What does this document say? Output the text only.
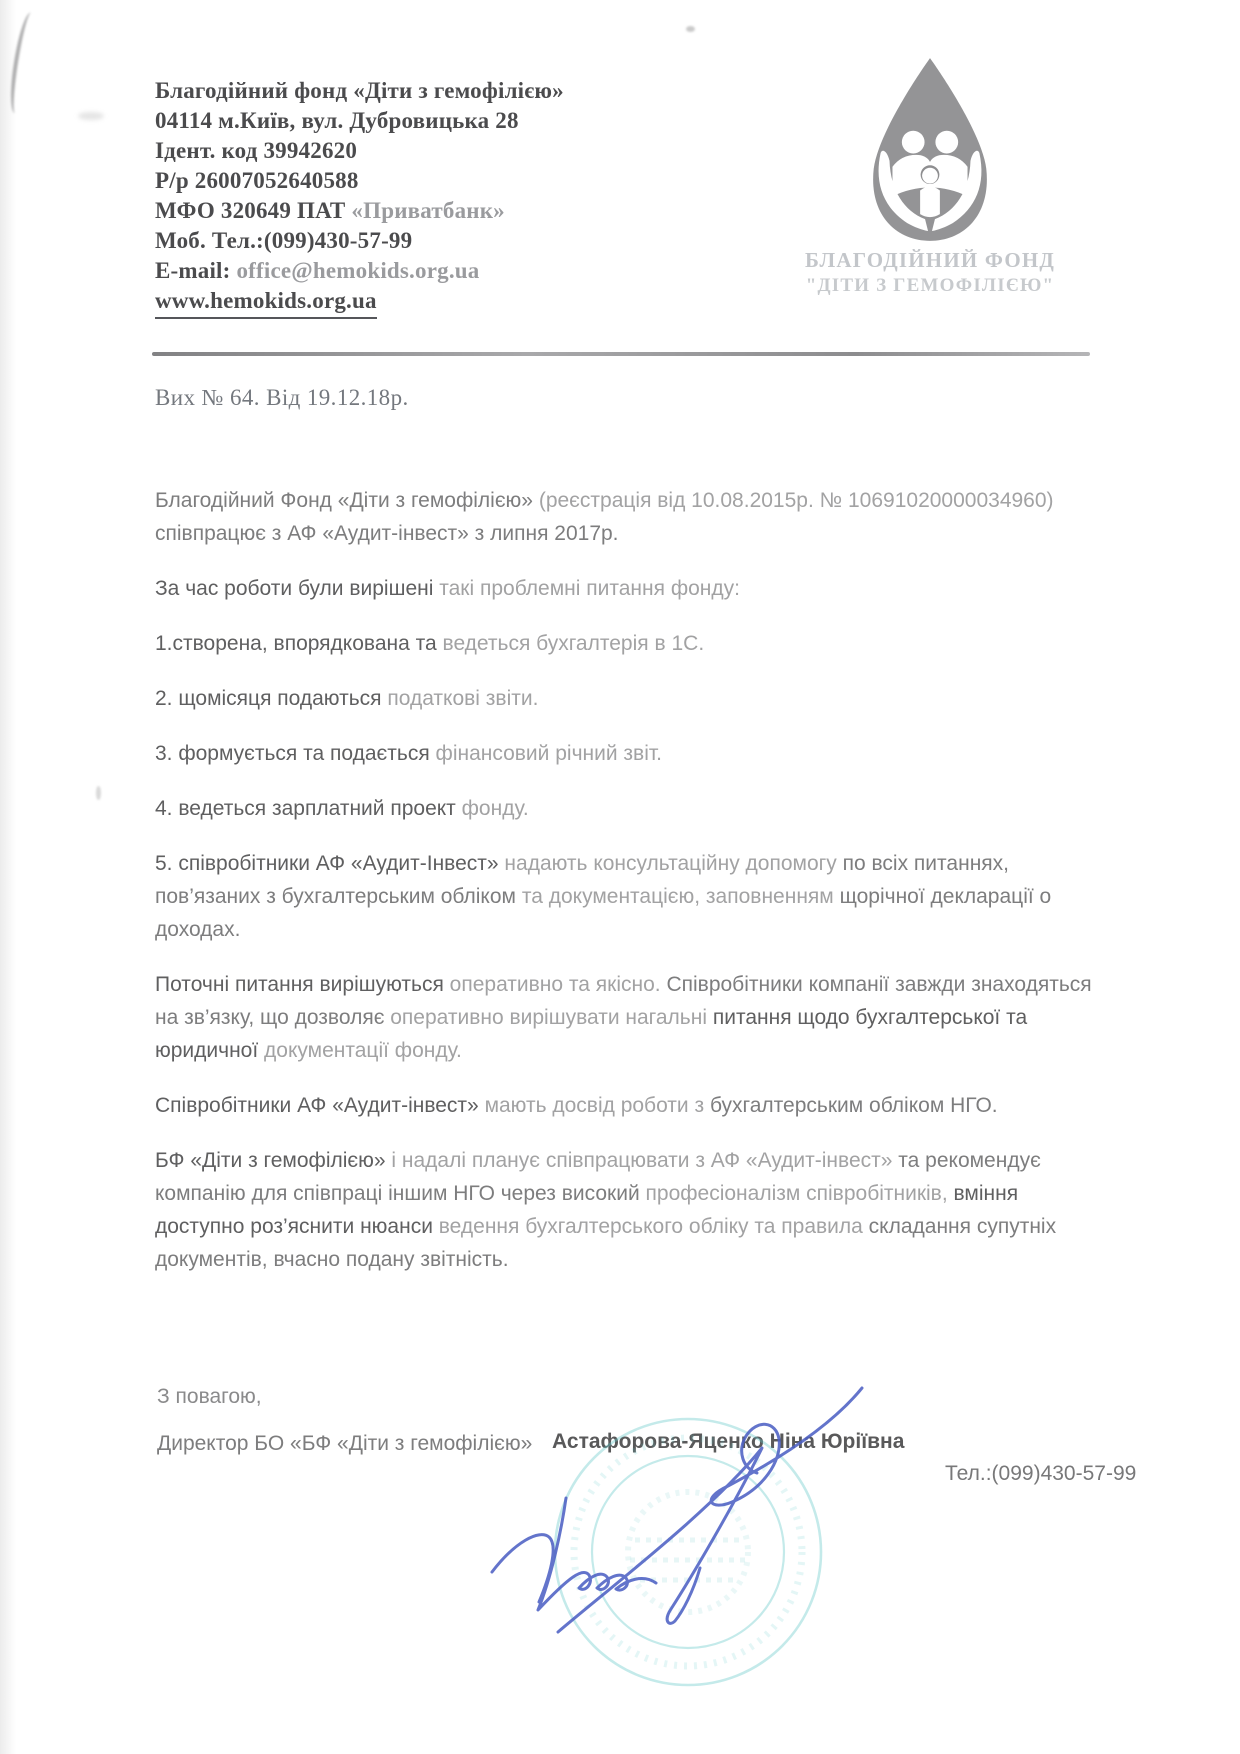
Благодійний фонд «Діти з гемофілією»
04114 м.Київ, вул. Дубровицька 28
Ідент. код 39942620
Р/р 26007052640588
МФО 320649 ПАТ «Приватбанк»
Моб. Тел.:(099)430-57-99
E-mail: office@hemokids.org.ua
www.hemokids.org.ua
БЛАГОДІЙНИЙ ФОНД
"ДІТИ З ГЕМОФІЛІЄЮ"
Вих № 64. Від 19.12.18р.

Благодійний Фонд «Діти з гемофілією» (реєстрація від 10.08.2015р. № 10691020000034960) співпрацює з АФ «Аудит-інвест» з липня 2017р.

За час роботи були вирішені такі проблемні питання фонду:

1.створена, впорядкована та ведеться бухгалтерія в 1С.

2. щомісяця подаються податкові звіти.

3. формується та подається фінансовий річний звіт.

4. ведеться зарплатний проект фонду.

5. співробітники АФ «Аудит-Інвест» надають консультаційну допомогу по всіх питаннях, пов’язаних з бухгалтерським обліком та документацією, заповненням щорічної декларації о доходах.

Поточні питання вирішуються оперативно та якісно. Співробітники компанії завжди знаходяться на зв’язку, що дозволяє оперативно вирішувати нагальні питання щодо бухгалтерської та юридичної документації фонду.

Співробітники АФ «Аудит-інвест» мають досвід роботи з бухгалтерським обліком НГО.

БФ «Діти з гемофілією» і надалі планує співпрацювати з АФ «Аудит-інвест» та рекомендує компанію для співпраці іншим НГО через високий професіоналізм співробітників, вміння доступно роз’яснити нюанси ведення бухгалтерського обліку та правила складання супутніх документів, вчасно подану звітність.

З повагою,
Директор БО «БФ «Діти з гемофілією» Астафорова-Яценко Ніна Юріївна
Тел.:(099)430-57-99
